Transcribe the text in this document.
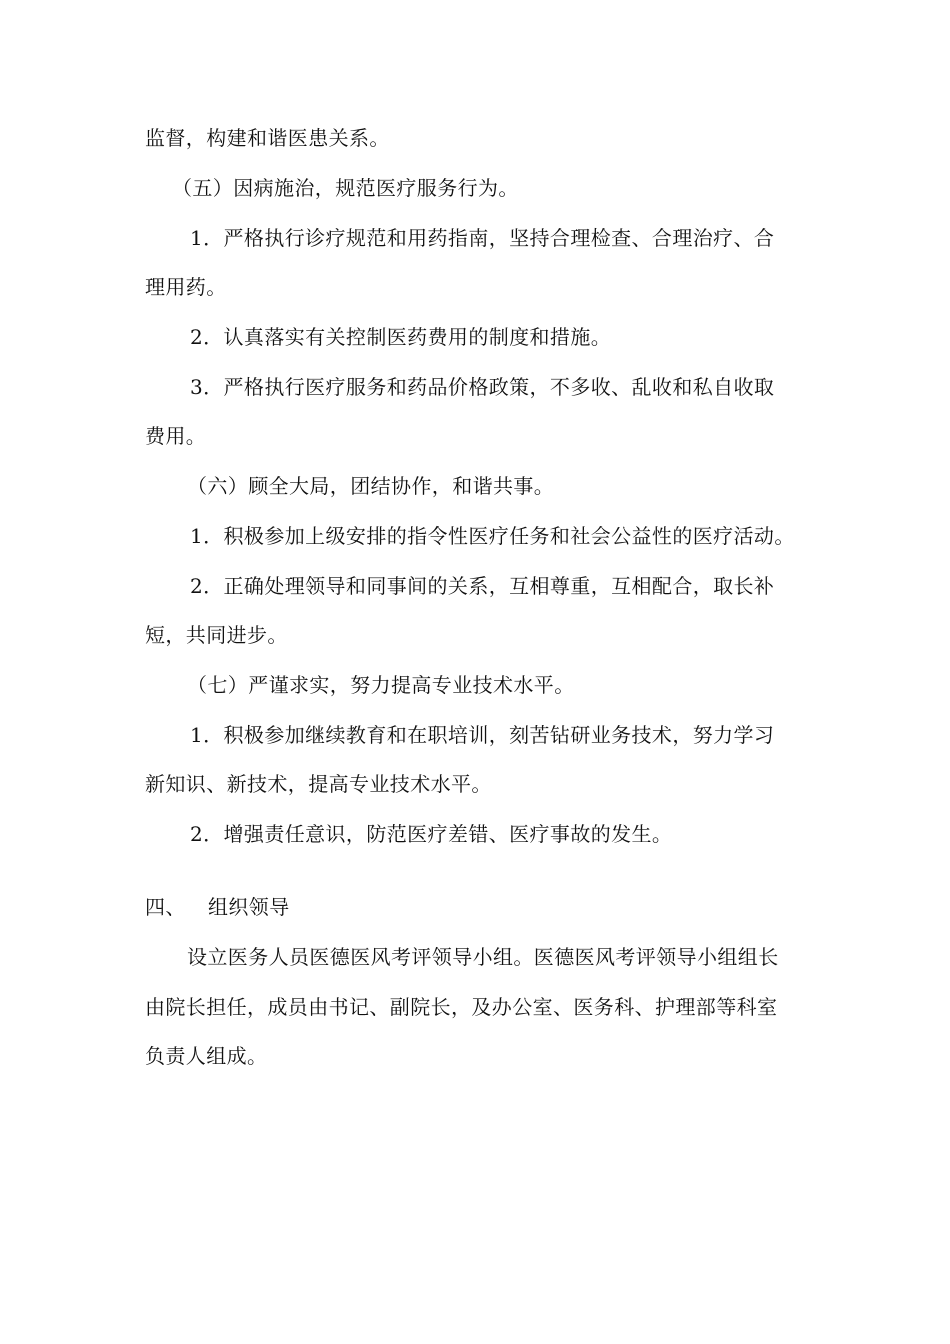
监督，构建和谐医患关系。
（五）因病施治，规范医疗服务行为。
1．严格执行诊疗规范和用药指南，坚持合理检查、合理治疗、合
理用药。
2．认真落实有关控制医药费用的制度和措施。
3．严格执行医疗服务和药品价格政策，不多收、乱收和私自收取
费用。
（六）顾全大局，团结协作，和谐共事。
1．积极参加上级安排的指令性医疗任务和社会公益性的医疗活动。
2．正确处理领导和同事间的关系，互相尊重，互相配合，取长补
短，共同进步。
（七）严谨求实，努力提高专业技术水平。
1．积极参加继续教育和在职培训，刻苦钻研业务技术，努力学习
新知识、新技术，提高专业技术水平。
2．增强责任意识，防范医疗差错、医疗事故的发生。
四、 组织领导
设立医务人员医德医风考评领导小组。医德医风考评领导小组组长
由院长担任，成员由书记、副院长，及办公室、医务科、护理部等科室
负责人组成。
